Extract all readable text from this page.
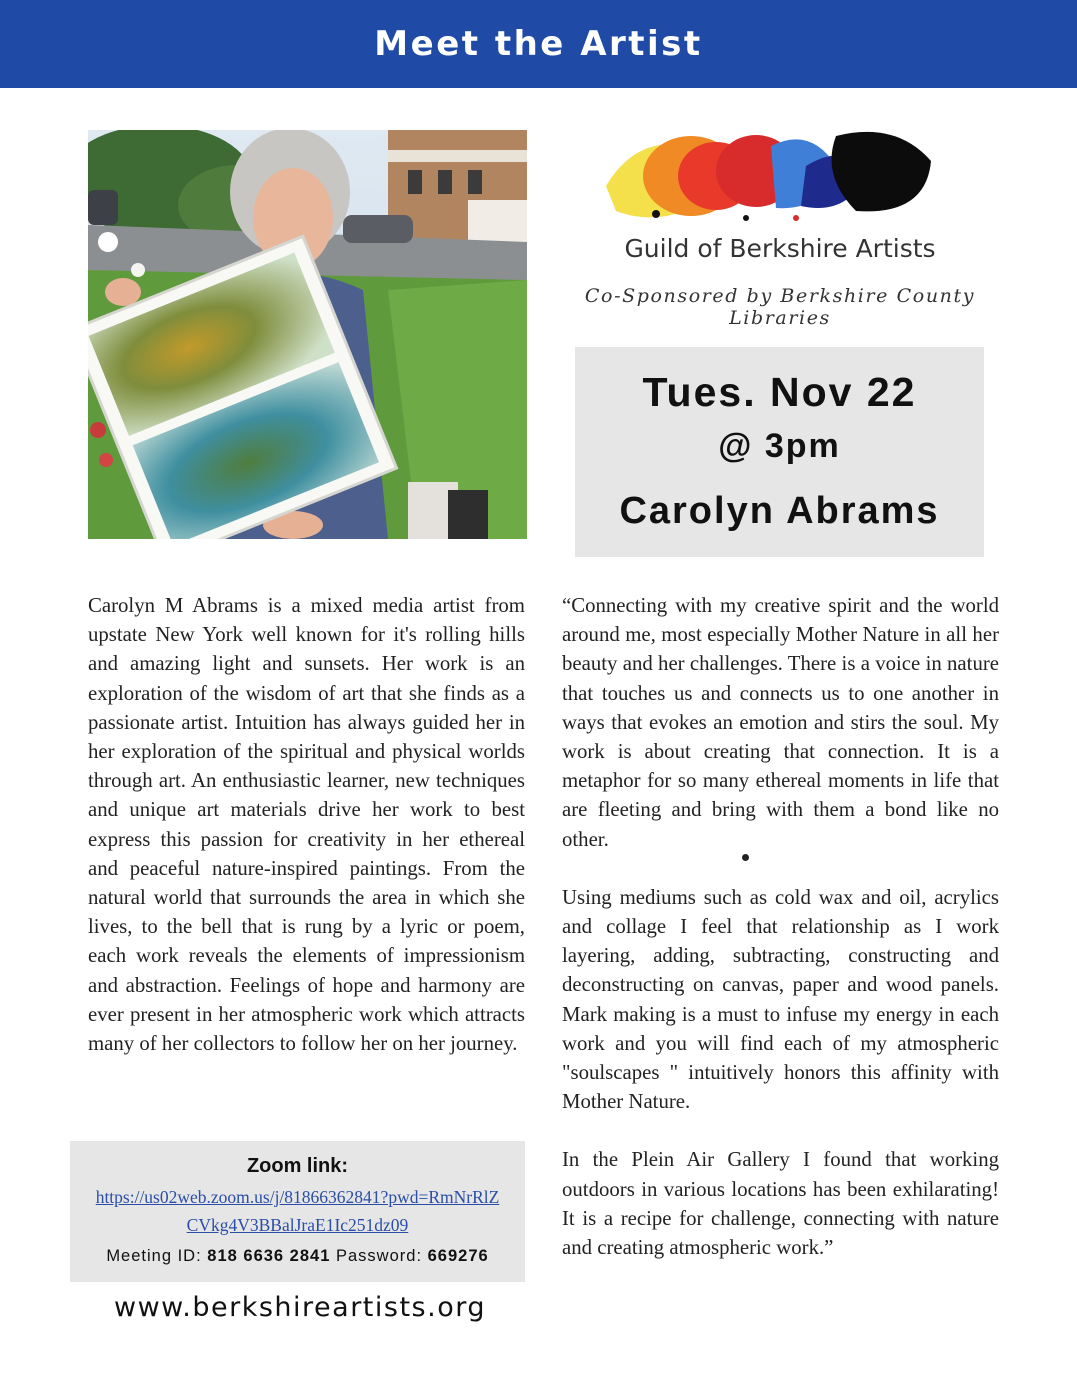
Meet the Artist
Guild of Berkshire Artists
Co-Sponsored by Berkshire County Libraries
Tues. Nov 22
@ 3pm
Carolyn Abrams

Carolyn M Abrams is a mixed media artist from upstate New York well known for it's rolling hills and amazing light and sunsets. Her work is an exploration of the wisdom of art that she finds as a passionate artist. Intuition has always guided her in her exploration of the spiritual and physical worlds through art. An enthusiastic learner, new techniques and unique art materials drive her work to best express this passion for creativity in her ethereal and peaceful nature-inspired paintings. From the natural world that surrounds the area in which she lives, to the bell that is rung by a lyric or poem, each work reveals the elements of impressionism and abstraction. Feelings of hope and harmony are ever present in her atmospheric work which attracts many of her collectors to follow her on her journey.

“Connecting with my creative spirit and the world around me, most especially Mother Nature in all her beauty and her challenges. There is a voice in nature that touches us and connects us to one another in ways that evokes an emotion and stirs the soul. My work is about creating that connection. It is a metaphor for so many ethereal moments in life that are fleeting and bring with them a bond like no other.

Using mediums such as cold wax and oil, acrylics and collage I feel that relationship as I work layering, adding, subtracting, constructing and deconstructing on canvas, paper and wood panels. Mark making is a must to infuse my energy in each work and you will find each of my atmospheric "soulscapes " intuitively honors this affinity with Mother Nature.

In the Plein Air Gallery I found that working outdoors in various locations has been exhilarating! It is a recipe for challenge, connecting with nature and creating atmospheric work.”

Zoom link:
https://us02web.zoom.us/j/81866362841?pwd=RmNrRlZCVkg4V3BBalJraE1Ic251dz09
Meeting ID: 818 6636 2841 Password: 669276
www.berkshireartists.org
